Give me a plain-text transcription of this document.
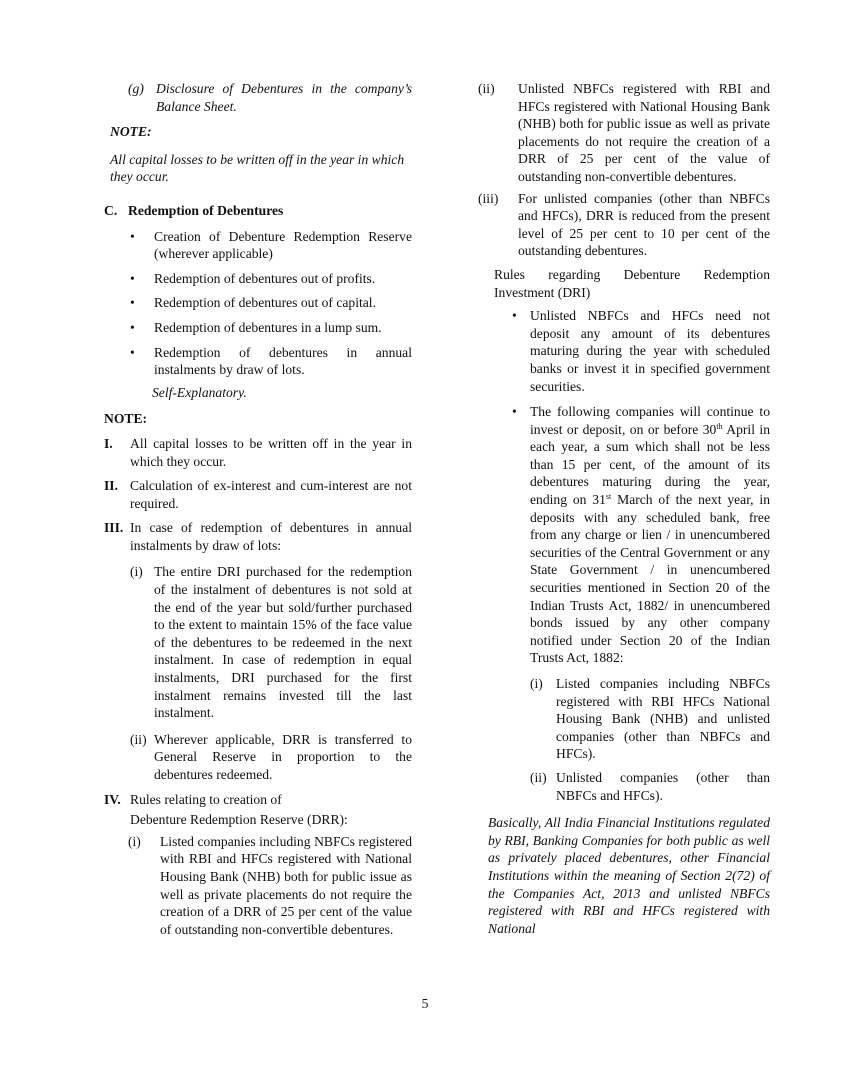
(g) Disclosure of Debentures in the company’s Balance Sheet.

NOTE:

All capital losses to be written off in the year in which they occur.

C. Redemption of Debentures

• Creation of Debenture Redemption Reserve (wherever applicable)

• Redemption of debentures out of profits.

• Redemption of debentures out of capital.

• Redemption of debentures in a lump sum.

• Redemption of debentures in annual instalments by draw of lots.

Self-Explanatory.

NOTE:

I. All capital losses to be written off in the year in which they occur.

II. Calculation of ex-interest and cum-interest are not required.

III. In case of redemption of debentures in annual instalments by draw of lots:

(i) The entire DRI purchased for the redemption of the instalment of debentures is not sold at the end of the year but sold/further purchased to the extent to maintain 15% of the face value of the debentures to be redeemed in the next instalment. In case of redemption in equal instalments, DRI purchased for the first instalment remains invested till the last instalment.

(ii) Wherever applicable, DRR is transferred to General Reserve in proportion to the debentures redeemed.

IV. Rules relating to creation of

Debenture Redemption Reserve (DRR):

(i) Listed companies including NBFCs registered with RBI and HFCs registered with National Housing Bank (NHB) both for public issue as well as private placements do not require the creation of a DRR of 25 per cent of the value of outstanding non-convertible debentures.

(ii) Unlisted NBFCs registered with RBI and HFCs registered with National Housing Bank (NHB) both for public issue as well as private placements do not require the creation of a DRR of 25 per cent of the value of outstanding non-convertible debentures.

(iii) For unlisted companies (other than NBFCs and HFCs), DRR is reduced from the present level of 25 per cent to 10 per cent of the outstanding debentures.

Rules regarding Debenture Redemption Investment (DRI)

• Unlisted NBFCs and HFCs need not deposit any amount of its debentures maturing during the year with scheduled banks or invest it in specified government securities.

• The following companies will continue to invest or deposit, on or before 30th April in each year, a sum which shall not be less than 15 per cent, of the amount of its debentures maturing during the year, ending on 31st March of the next year, in deposits with any scheduled bank, free from any charge or lien / in unencumbered securities of the Central Government or any State Government / in unencumbered securities mentioned in Section 20 of the Indian Trusts Act, 1882/ in unencumbered bonds issued by any other company notified under Section 20 of the Indian Trusts Act, 1882:

(i) Listed companies including NBFCs registered with RBI HFCs National Housing Bank (NHB) and unlisted companies (other than NBFCs and HFCs).

(ii) Unlisted companies (other than NBFCs and HFCs).

Basically, All India Financial Institutions regulated by RBI, Banking Companies for both public as well as privately placed debentures, other Financial Institutions within the meaning of Section 2(72) of the Companies Act, 2013 and unlisted NBFCs registered with RBI and HFCs registered with National

5
